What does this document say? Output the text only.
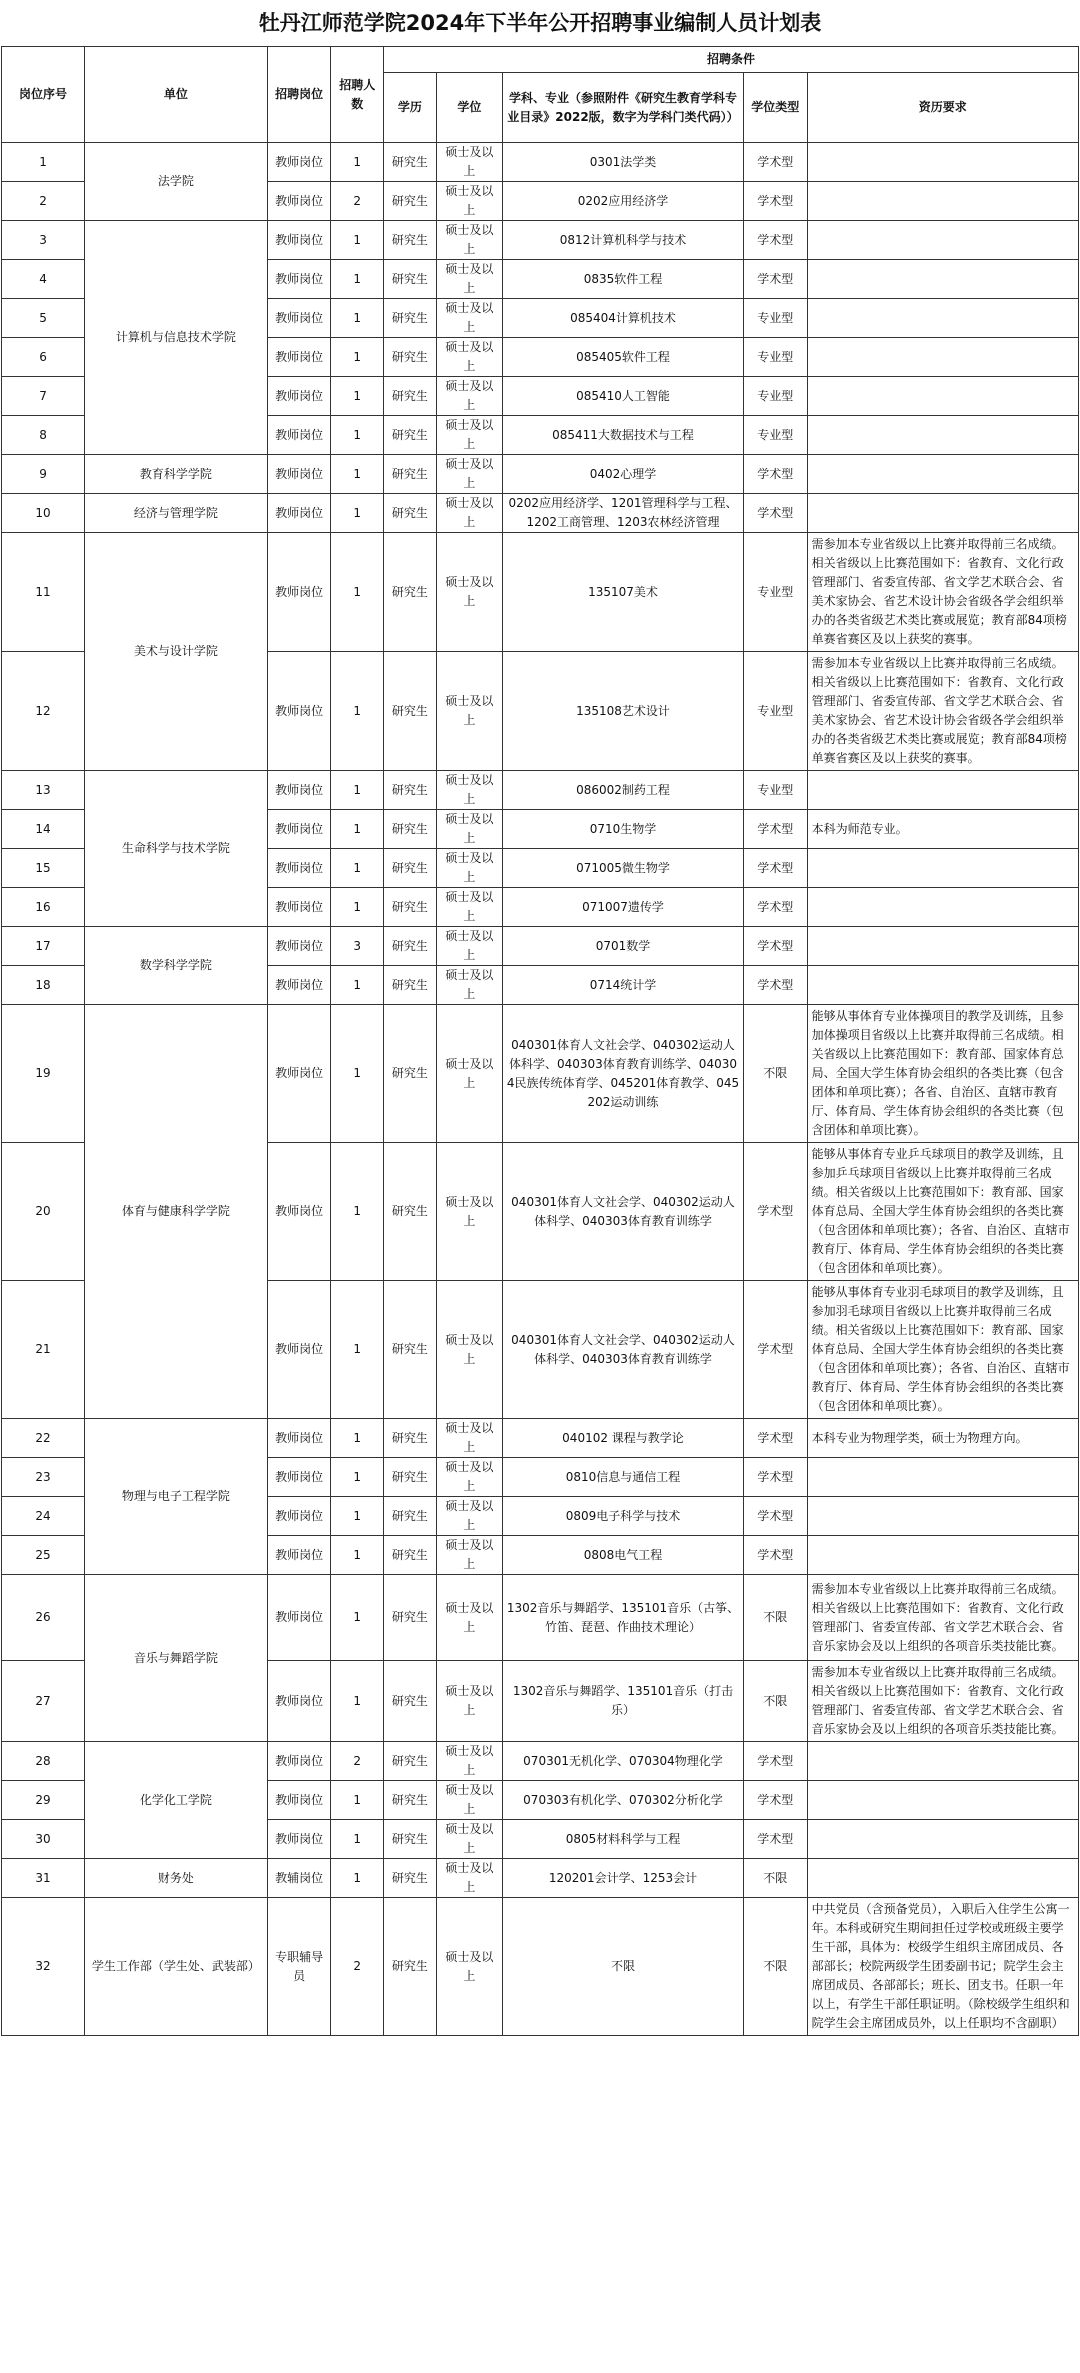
牡丹江师范学院2024年下半年公开招聘事业编制人员计划表
岗位序号	单位	招聘岗位	招聘人数	招聘条件				
				学历	学位	学科、专业（参照附件《研究生教育学科专业目录》2022版，数字为学科门类代码））	学位类型	资历要求
1	法学院	教师岗位	1	研究生	硕士及以上	0301法学类	学术型	
2		教师岗位	2	研究生	硕士及以上	0202应用经济学	学术型	
3	计算机与信息技术学院	教师岗位	1	研究生	硕士及以上	0812计算机科学与技术	学术型	
4		教师岗位	1	研究生	硕士及以上	0835软件工程	学术型	
5		教师岗位	1	研究生	硕士及以上	085404计算机技术	专业型	
6		教师岗位	1	研究生	硕士及以上	085405软件工程	专业型	
7		教师岗位	1	研究生	硕士及以上	085410人工智能	专业型	
8		教师岗位	1	研究生	硕士及以上	085411大数据技术与工程	专业型	
9	教育科学学院	教师岗位	1	研究生	硕士及以上	0402心理学	学术型	
10	经济与管理学院	教师岗位	1	研究生	硕士及以上	0202应用经济学、1201管理科学与工程、1202工商管理、1203农林经济管理	学术型	
11	美术与设计学院	教师岗位	1	研究生	硕士及以上	135107美术	专业型	需参加本专业省级以上比赛并取得前三名成绩。相关省级以上比赛范围如下：省教育、文化行政管理部门、省委宣传部、省文学艺术联合会、省美术家协会、省艺术设计协会省级各学会组织举办的各类省级艺术类比赛或展览；教育部84项榜单赛省赛区及以上获奖的赛事。
12		教师岗位	1	研究生	硕士及以上	135108艺术设计	专业型	需参加本专业省级以上比赛并取得前三名成绩。相关省级以上比赛范围如下：省教育、文化行政管理部门、省委宣传部、省文学艺术联合会、省美术家协会、省艺术设计协会省级各学会组织举办的各类省级艺术类比赛或展览；教育部84项榜单赛省赛区及以上获奖的赛事。
13	生命科学与技术学院	教师岗位	1	研究生	硕士及以上	086002制药工程	专业型	
14		教师岗位	1	研究生	硕士及以上	0710生物学	学术型	本科为师范专业。
15		教师岗位	1	研究生	硕士及以上	071005微生物学	学术型	
16		教师岗位	1	研究生	硕士及以上	071007遗传学	学术型	
17	数学科学学院	教师岗位	3	研究生	硕士及以上	0701数学	学术型	
18		教师岗位	1	研究生	硕士及以上	0714统计学	学术型	
19	体育与健康科学学院	教师岗位	1	研究生	硕士及以上	040301体育人文社会学、040302运动人体科学、040303体育教育训练学、040304民族传统体育学、045201体育教学、045202运动训练	不限	能够从事体育专业体操项目的教学及训练，且参加体操项目省级以上比赛并取得前三名成绩。相关省级以上比赛范围如下：教育部、国家体育总局、全国大学生体育协会组织的各类比赛（包含团体和单项比赛）；各省、自治区、直辖市教育厅、体育局、学生体育协会组织的各类比赛（包含团体和单项比赛）。
20		教师岗位	1	研究生	硕士及以上	040301体育人文社会学、040302运动人体科学、040303体育教育训练学	学术型	能够从事体育专业乒乓球项目的教学及训练，且参加乒乓球项目省级以上比赛并取得前三名成绩。相关省级以上比赛范围如下：教育部、国家体育总局、全国大学生体育协会组织的各类比赛（包含团体和单项比赛）；各省、自治区、直辖市教育厅、体育局、学生体育协会组织的各类比赛（包含团体和单项比赛）。
21		教师岗位	1	研究生	硕士及以上	040301体育人文社会学、040302运动人体科学、040303体育教育训练学	学术型	能够从事体育专业羽毛球项目的教学及训练，且参加羽毛球项目省级以上比赛并取得前三名成绩。相关省级以上比赛范围如下：教育部、国家体育总局、全国大学生体育协会组织的各类比赛（包含团体和单项比赛）；各省、自治区、直辖市教育厅、体育局、学生体育协会组织的各类比赛（包含团体和单项比赛）。
22	物理与电子工程学院	教师岗位	1	研究生	硕士及以上	040102 课程与教学论	学术型	本科专业为物理学类，硕士为物理方向。
23		教师岗位	1	研究生	硕士及以上	0810信息与通信工程	学术型	
24		教师岗位	1	研究生	硕士及以上	0809电子科学与技术	学术型	
25		教师岗位	1	研究生	硕士及以上	0808电气工程	学术型	
26	音乐与舞蹈学院	教师岗位	1	研究生	硕士及以上	1302音乐与舞蹈学、135101音乐（古筝、竹笛、琵琶、作曲技术理论）	不限	需参加本专业省级以上比赛并取得前三名成绩。相关省级以上比赛范围如下：省教育、文化行政管理部门、省委宣传部、省文学艺术联合会、省音乐家协会及以上组织的各项音乐类技能比赛。
27		教师岗位	1	研究生	硕士及以上	1302音乐与舞蹈学、135101音乐（打击乐）	不限	需参加本专业省级以上比赛并取得前三名成绩。相关省级以上比赛范围如下：省教育、文化行政管理部门、省委宣传部、省文学艺术联合会、省音乐家协会及以上组织的各项音乐类技能比赛。
28	化学化工学院	教师岗位	2	研究生	硕士及以上	070301无机化学、070304物理化学	学术型	
29		教师岗位	1	研究生	硕士及以上	070303有机化学、070302分析化学	学术型	
30		教师岗位	1	研究生	硕士及以上	0805材料科学与工程	学术型	
31	财务处	教辅岗位	1	研究生	硕士及以上	120201会计学、1253会计	不限	
32	学生工作部（学生处、武装部）	专职辅导员	2	研究生	硕士及以上	不限	不限	中共党员（含预备党员），入职后入住学生公寓一年。本科或研究生期间担任过学校或班级主要学生干部，具体为：校级学生组织主席团成员、各部部长；校院两级学生团委副书记；院学生会主席团成员、各部部长；班长、团支书。任职一年以上，有学生干部任职证明。（除校级学生组织和院学生会主席团成员外，以上任职均不含副职）
